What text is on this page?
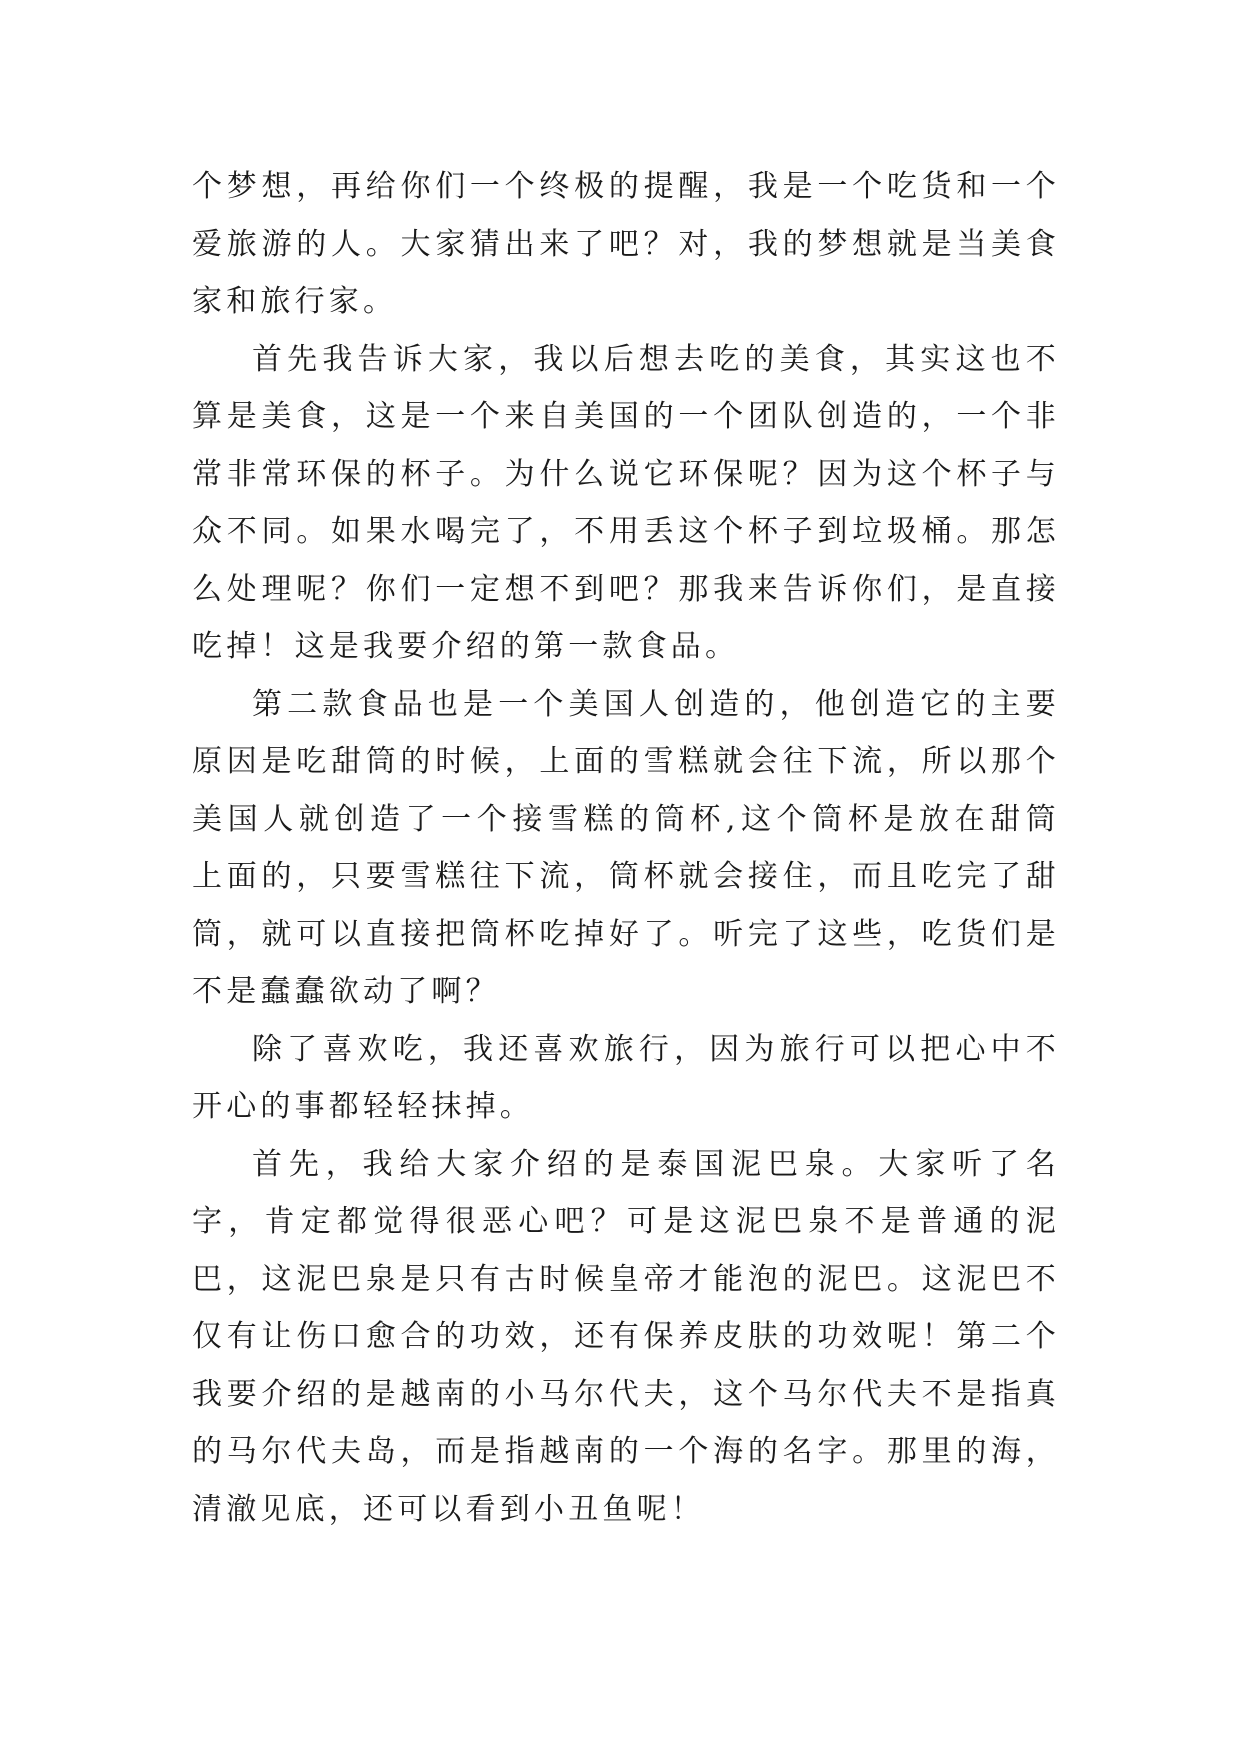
个梦想，再给你们一个终极的提醒，我是一个吃货和一个爱旅游的人。大家猜出来了吧？对，我的梦想就是当美食家和旅行家。

首先我告诉大家，我以后想去吃的美食，其实这也不算是美食，这是一个来自美国的一个团队创造的，一个非常非常环保的杯子。为什么说它环保呢？因为这个杯子与众不同。如果水喝完了，不用丢这个杯子到垃圾桶。那怎么处理呢？你们一定想不到吧？那我来告诉你们，是直接吃掉！这是我要介绍的第一款食品。

第二款食品也是一个美国人创造的，他创造它的主要原因是吃甜筒的时候，上面的雪糕就会往下流，所以那个美国人就创造了一个接雪糕的筒杯,这个筒杯是放在甜筒上面的，只要雪糕往下流，筒杯就会接住，而且吃完了甜筒，就可以直接把筒杯吃掉好了。听完了这些，吃货们是不是蠢蠢欲动了啊？

除了喜欢吃，我还喜欢旅行，因为旅行可以把心中不开心的事都轻轻抹掉。

首先，我给大家介绍的是泰国泥巴泉。大家听了名字，肯定都觉得很恶心吧？可是这泥巴泉不是普通的泥巴，这泥巴泉是只有古时候皇帝才能泡的泥巴。这泥巴不仅有让伤口愈合的功效，还有保养皮肤的功效呢！第二个我要介绍的是越南的小马尔代夫，这个马尔代夫不是指真的马尔代夫岛，而是指越南的一个海的名字。那里的海，清澈见底，还可以看到小丑鱼呢！
